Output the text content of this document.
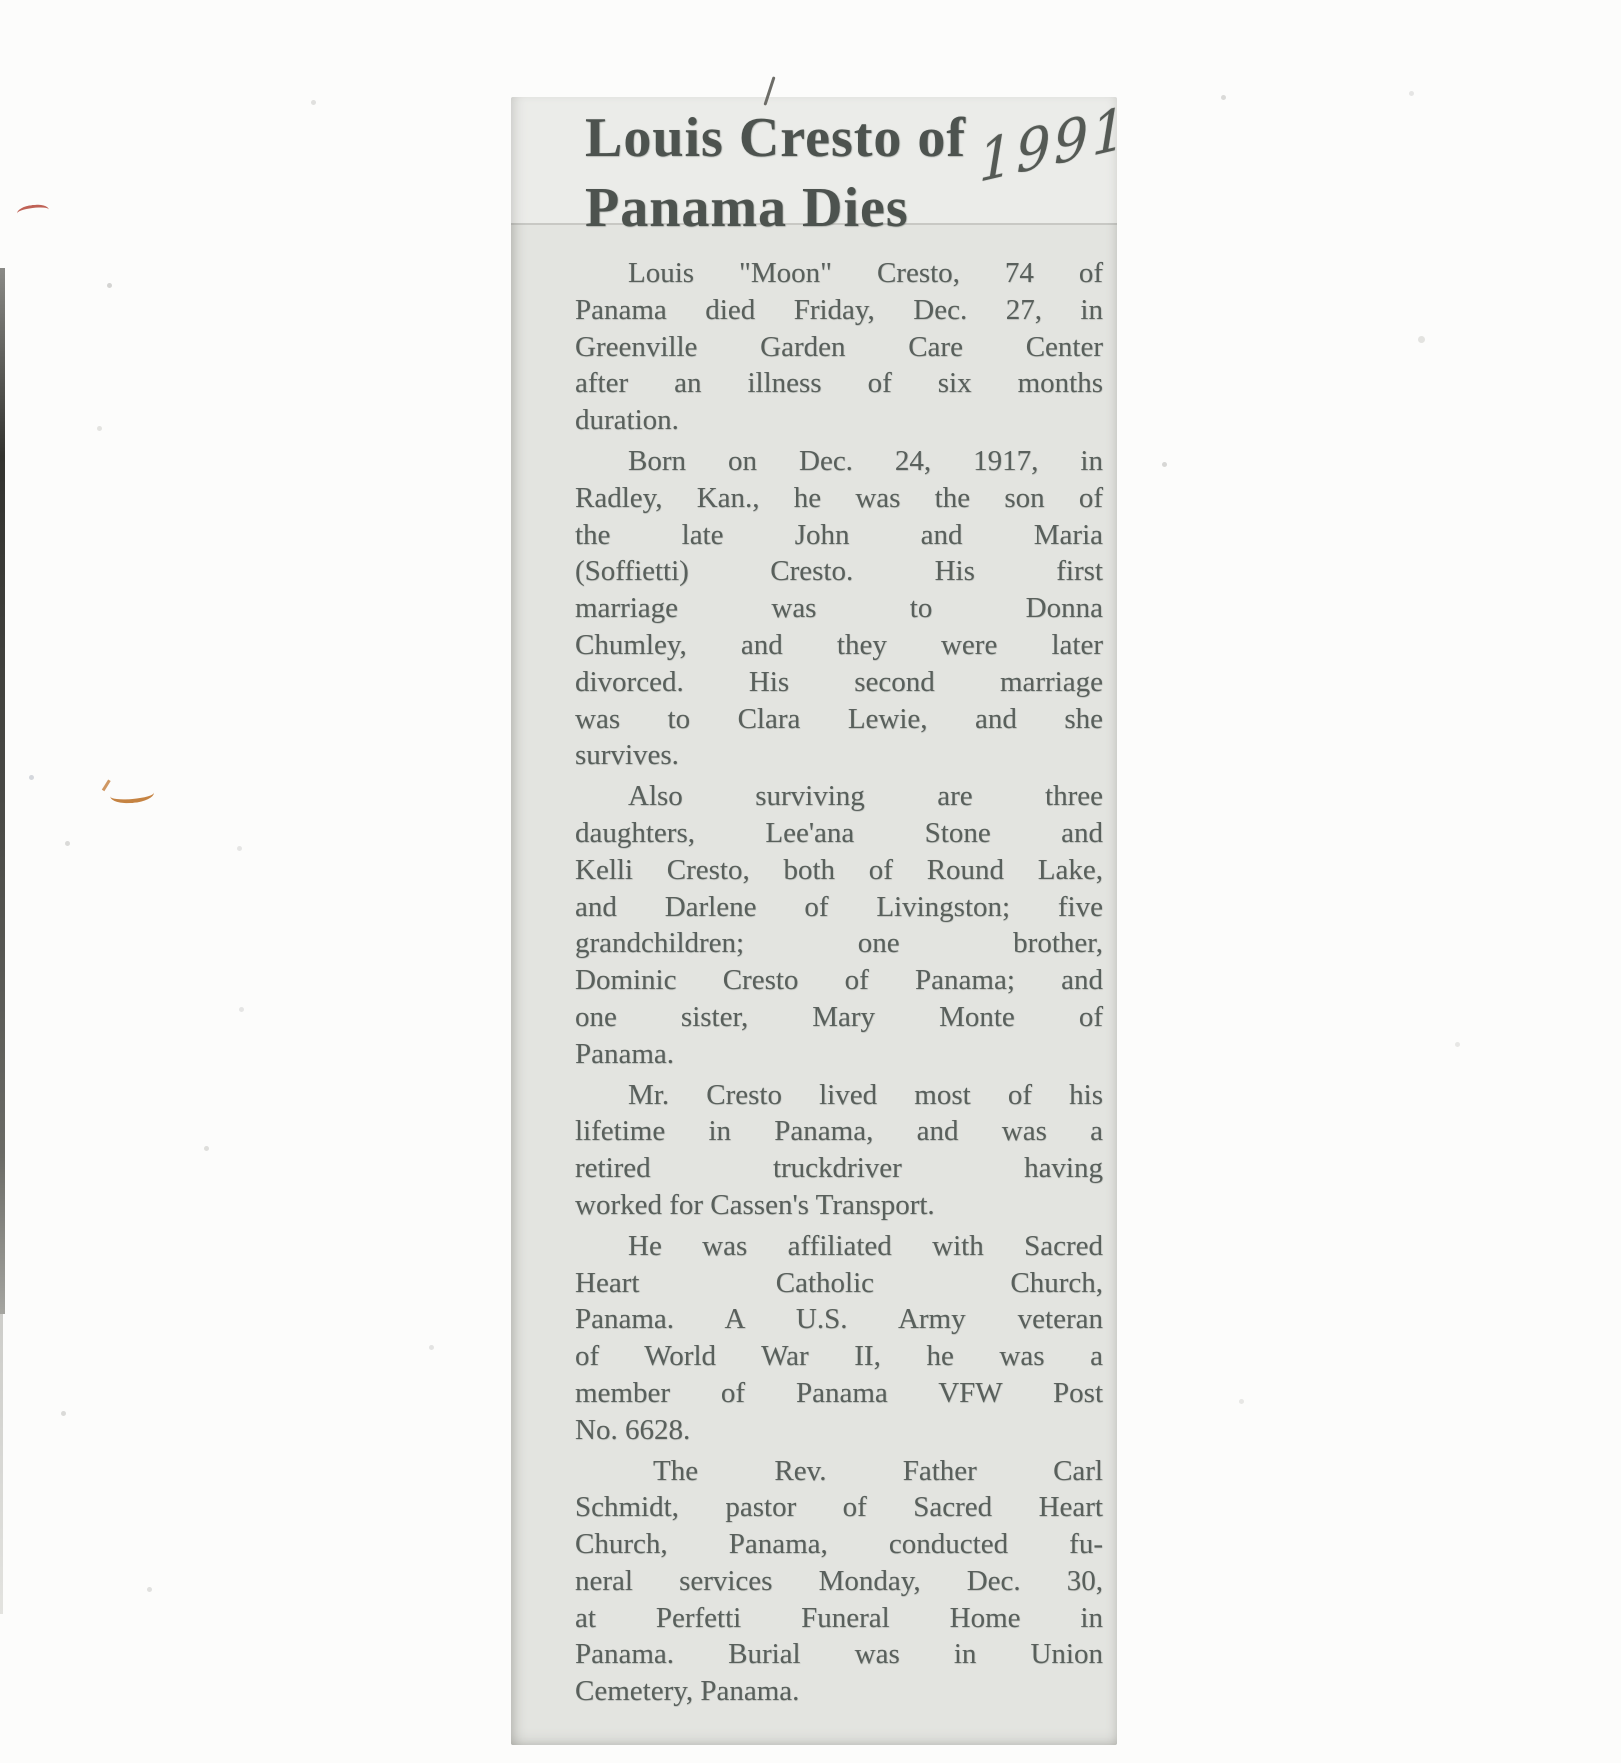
Louis Cresto of
Panama Dies
1991

Louis "Moon" Cresto, 74 of
Panama died Friday, Dec. 27, in
Greenville Garden Care Center
after an illness of six months
duration.

Born on Dec. 24, 1917, in
Radley, Kan., he was the son of
the late John and Maria
(Soffietti) Cresto. His first
marriage was to Donna
Chumley, and they were later
divorced. His second marriage
was to Clara Lewie, and she
survives.

Also surviving are three
daughters, Lee'ana Stone and
Kelli Cresto, both of Round Lake,
and Darlene of Livingston; five
grandchildren; one brother,
Dominic Cresto of Panama; and
one sister, Mary Monte of
Panama.

Mr. Cresto lived most of his
lifetime in Panama, and was a
retired truckdriver having
worked for Cassen's Transport.

He was affiliated with Sacred
Heart Catholic Church,
Panama. A U.S. Army veteran
of World War II, he was a
member of Panama VFW Post
No. 6628.

The Rev. Father Carl
Schmidt, pastor of Sacred Heart
Church, Panama, conducted fu-
neral services Monday, Dec. 30,
at Perfetti Funeral Home in
Panama. Burial was in Union
Cemetery, Panama.
